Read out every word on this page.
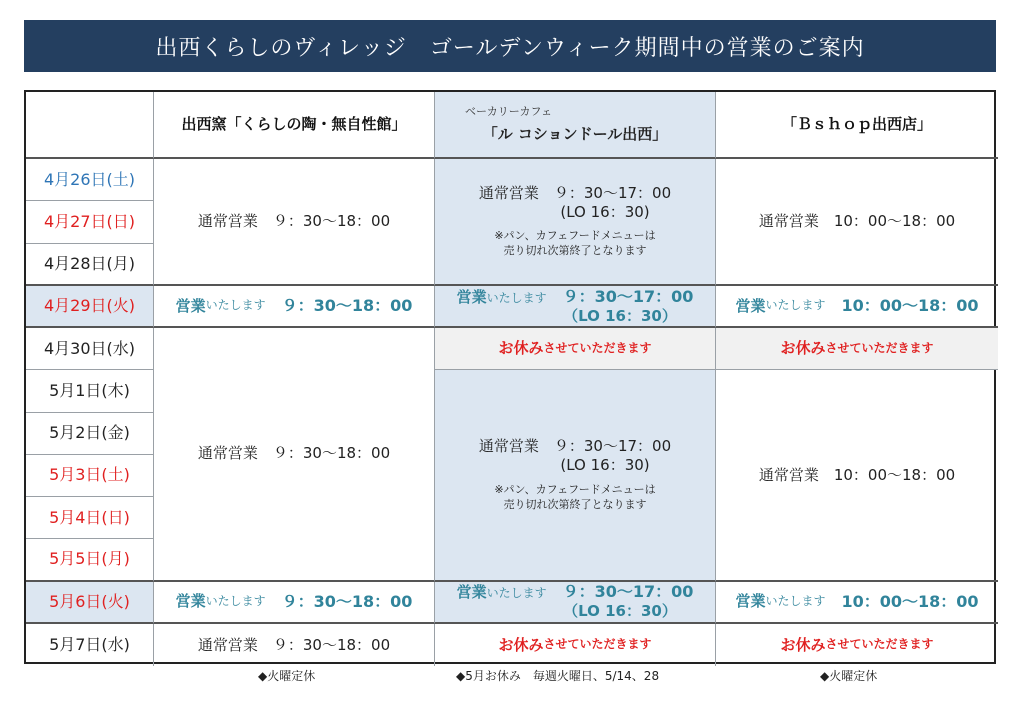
出西くらしのヴィレッジ　ゴールデンウィーク期間中の営業のご案内
出西窯「くらしの陶・無自性館」
ベーカリーカフェ
「ル コションドール出西」
「Ｂｓｈｏｐ出西店」
4月26日(土)
4月27日(日)
4月28日(月)
4月29日(火)
4月30日(水)
5月1日(木)
5月2日(金)
5月3日(土)
5月4日(日)
5月5日(月)
5月6日(火)
5月7日(水)
通常営業　９：30～18：00
営業 いたします ９：30～18：00
通常営業　９：30～18：00
営業 いたします ９：30～18：00
通常営業　９：30～18：00
通常営業　９：30～17：00
(LO 16：30)
※パン、カフェフードメニューは
売り切れ次第終了となります
営業いたします ９：30～17：00
（LO 16：30）
お休み させていただきます
通常営業　９：30～17：00
(LO 16：30)
※パン、カフェフードメニューは
売り切れ次第終了となります
営業いたします ９：30～17：00
（LO 16：30）
お休み させていただきます
通常営業　10：00～18：00
営業 いたします 10：00～18：00
お休み させていただきます
通常営業　10：00～18：00
営業 いたします 10：00～18：00
お休み させていただきます
◆火曜定休	◆5月お休み　毎週火曜日、5/14、28	◆火曜定休
